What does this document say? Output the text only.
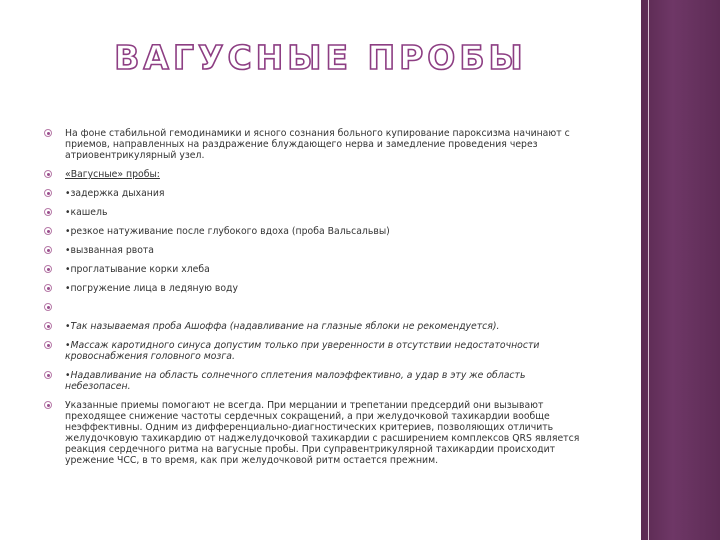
ВАГУСНЫЕ ПРОБЫ
На фоне стабильной гемодинамики и ясного сознания больного купирование пароксизма начинают с приемов, направленных на раздражение блуждающего нерва и замедление проведения через атриовентрикулярный узел.
«Вагусные» пробы:
•задержка дыхания
•кашель
•резкое натуживание после глубокого вдоха (проба Вальсальвы)
•вызванная рвота
•проглатывание корки хлеба
•погружение лица в ледяную воду
•Так называемая проба Ашоффа (надавливание на глазные яблоки не рекомендуется).
•Массаж каротидного синуса допустим только при уверенности в отсутствии недостаточности кровоснабжения головного мозга.
•Надавливание на область солнечного сплетения малоэффективно, а удар в эту же область небезопасен.
Указанные приемы помогают не всегда. При мерцании и трепетании предсердий они вызывают преходящее снижение частоты сердечных сокращений, а при желудочковой тахикардии вообще неэффективны. Одним из дифференциально-диагностических критериев, позволяющих отличить желудочковую тахикардию от наджелудочковой тахикардии с расширением комплексов QRS является реакция сердечного ритма на вагусные пробы. При суправентрикулярной тахикардии происходит урежение ЧСС, в то время, как при желудочковой ритм остается прежним.
